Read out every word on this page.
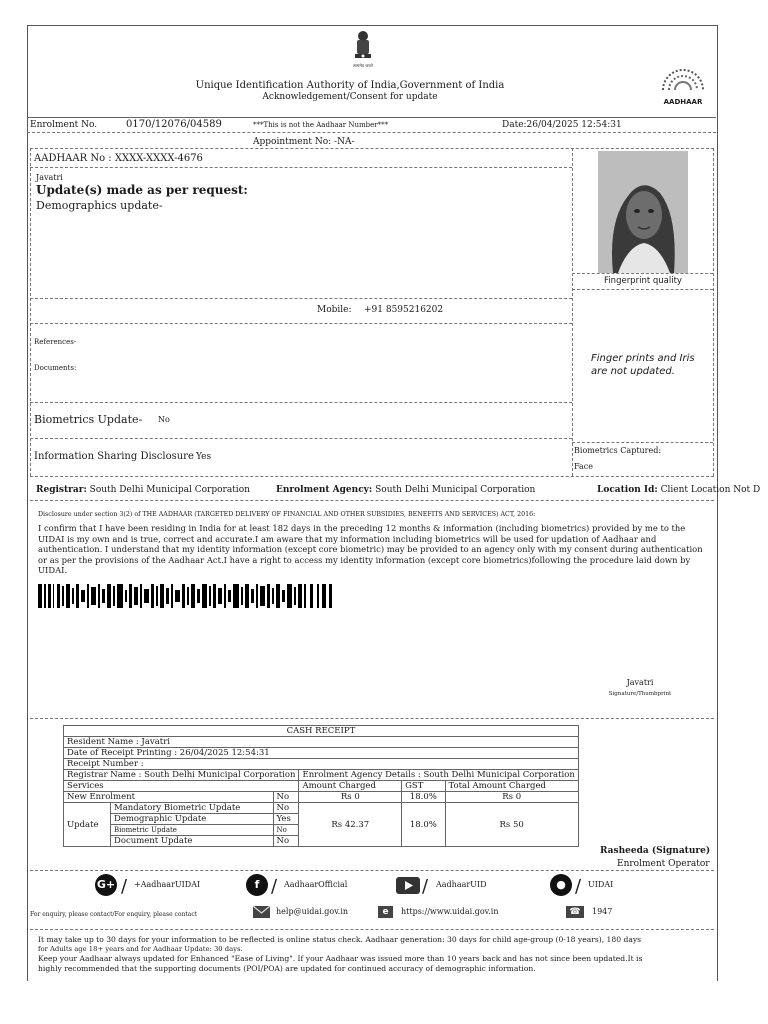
सत्यमेव जयते
Unique Identification Authority of India,Government of India
Acknowledgement/Consent for update	AADHAAR
Enrolment No.	0170/12076/04589	***This is not the Aadhaar Number***	Date:26/04/2025 12:54:31
Appointment No: -NA-
AADHAAR No : XXXX-XXXX-4676
Javatri
Update(s) made as per request:
Demographics update-
Mobile: +91 8595216202
References-
Documents:
Biometrics Update- No
Information Sharing Disclosure Yes
Fingerprint quality
Finger prints and Iris
are not updated.
Biometrics Captured:
Face
Registrar: South Delhi Municipal Corporation	Enrolment Agency: South Delhi Municipal Corporation	Location Id: Client Location Not D
Disclosure under section 3(2) of THE AADHAAR (TARGETED DELIVERY OF FINANCIAL AND OTHER SUBSIDIES, BENEFITS AND SERVICES) ACT, 2016:
I confirm that I have been residing in India for at least 182 days in the preceding 12 months & information (including biometrics) provided by me to the
UIDAI is my own and is true, correct and accurate.I am aware that my information including biometrics will be used for updation of Aadhaar and
authentication. I understand that my identity information (except core biometric) may be provided to an agency only with my consent during authentication
or as per the provisions of the Aadhaar Act.I have a right to access my identity information (except core biometrics)following the procedure laid down by
UIDAI.
Javatri
Signature/Thumbprint
CASH RECEIPT					
Resident Name : Javatri					
Date of Receipt Printing : 26/04/2025 12:54:31					
Receipt Number :					
Registrar Name : South Delhi Municipal Corporation			Enrolment Agency Details : South Delhi Municipal Corporation		
Services			Amount Charged	GST	Total Amount Charged
New Enrolment		No	Rs 0	18.0%	Rs 0
Update	Mandatory Biometric Update	No	Rs 42.37	18.0%	Rs 50
	Demographic Update	Yes			
	Biometric Update	No			
	Document Update	No			
Rasheeda (Signature)
Enrolment Operator
G+ / +AadhaarUIDAI	f / AadhaarOfficial	/ AadhaarUID	● / UIDAI
For enquiry, please contact/For enquiry, please contact	help@uidai.gov.in	e	https://www.uidai.gov.in	☎	1947
It may take up to 30 days for your information to be reflected is online status check. Aadhaar generation: 30 days for child age-group (0-18 years), 180 days
for Adults age 18+ years and for Aadhaar Update: 30 days.
Keep your Aadhaar always updated for Enhanced "Ease of Living". If your Aadhaar was issued more than 10 years back and has not since been updated.It is
highly recommended that the supporting documents (POI/POA) are updated for continued accuracy of demographic information.
